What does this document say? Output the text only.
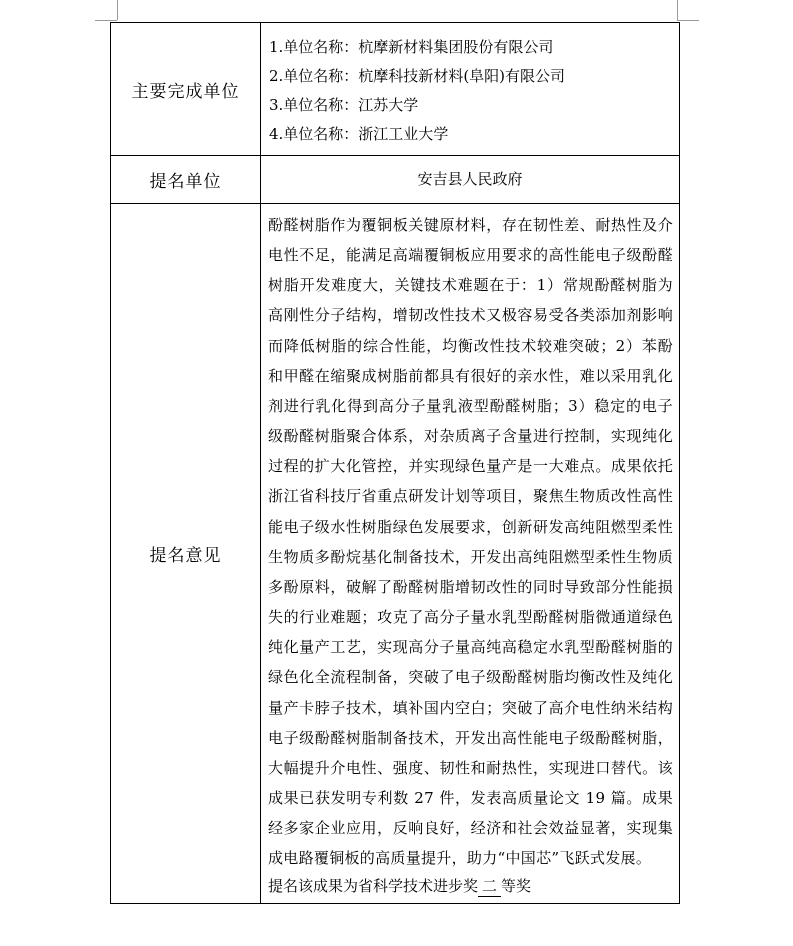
主要完成单位	1.单位名称：杭摩新材料集团股份有限公司
2.单位名称：杭摩科技新材料(阜阳)有限公司
3.单位名称：江苏大学
4.单位名称：浙江工业大学

提名单位	安吉县人民政府

提名意见	酚醛树脂作为覆铜板关键原材料，存在韧性差、耐热性及介电性不足，能满足高端覆铜板应用要求的高性能电子级酚醛树脂开发难度大，关键技术难题在于：1）常规酚醛树脂为高刚性分子结构，增韧改性技术又极容易受各类添加剂影响而降低树脂的综合性能，均衡改性技术较难突破；2）苯酚和甲醛在缩聚成树脂前都具有很好的亲水性，难以采用乳化剂进行乳化得到高分子量乳液型酚醛树脂；3）稳定的电子级酚醛树脂聚合体系，对杂质离子含量进行控制，实现纯化过程的扩大化管控，并实现绿色量产是一大难点。成果依托浙江省科技厅省重点研发计划等项目，聚焦生物质改性高性能电子级水性树脂绿色发展要求，创新研发高纯阻燃型柔性生物质多酚烷基化制备技术，开发出高纯阻燃型柔性生物质多酚原料，破解了酚醛树脂增韧改性的同时导致部分性能损失的行业难题；攻克了高分子量水乳型酚醛树脂微通道绿色纯化量产工艺，实现高分子量高纯高稳定水乳型酚醛树脂的绿色化全流程制备，突破了电子级酚醛树脂均衡改性及纯化量产卡脖子技术，填补国内空白；突破了高介电性纳米结构电子级酚醛树脂制备技术，开发出高性能电子级酚醛树脂，大幅提升介电性、强度、韧性和耐热性，实现进口替代。该成果已获发明专利数 27 件，发表高质量论文 19 篇。成果经多家企业应用，反响良好，经济和社会效益显著，实现集成电路覆铜板的高质量提升，助力“中国芯”飞跃式发展。
提名该成果为省科学技术进步奖 二 等奖
